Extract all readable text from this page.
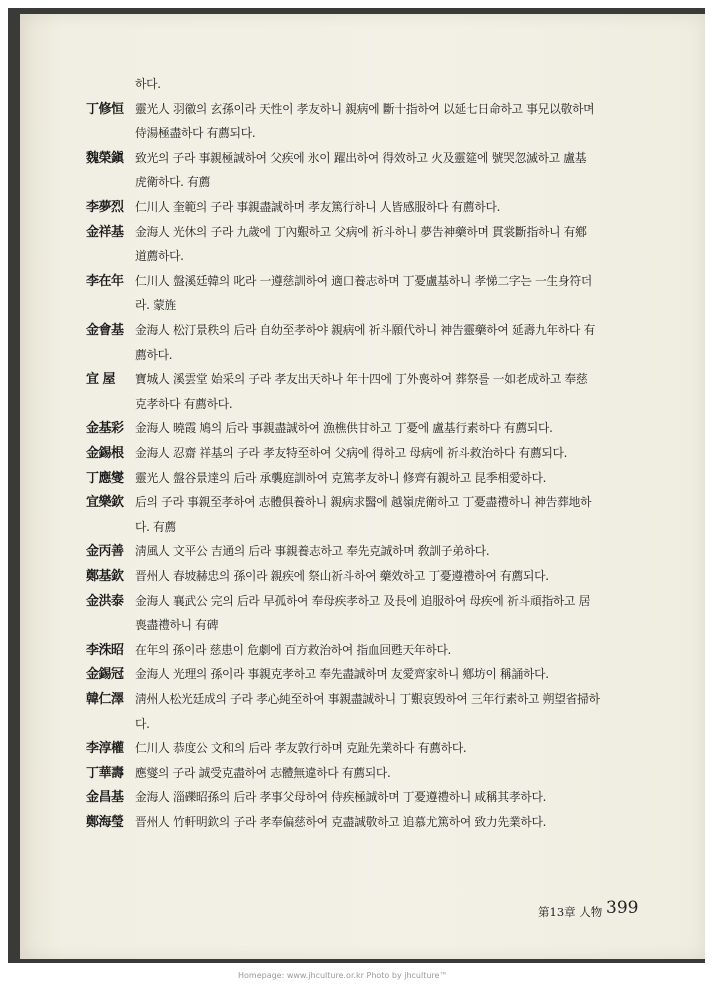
하다.
丁修恒 靈光人 羽徽의 玄孫이라 天性이 孝友하니 親病에 斷十指하여 以延七日命하고 事兄以敬하며
侍湯極盡하다 有薦되다.
魏榮鎭 致光의 子라 事親極誠하여 父疾에 氷이 躍出하여 得效하고 火及靈筵에 號哭忽滅하고 盧基
虎衛하다. 有薦
李夢烈 仁川人 奎範의 子라 事親盡誠하며 孝友篤行하니 人皆感服하다 有薦하다.
金祥基 金海人 光休의 子라 九歲에 丁內艱하고 父病에 祈斗하니 夢告神藥하며 貫裳斷指하니 有鄕
道薦하다.
李在年 仁川人 盤溪廷韓의 叱라 一遵慈訓하여 適口養志하며 丁憂盧基하니 孝悌二字는 一生身符더
라. 蒙旌
金會基 金海人 松汀景秩의 后라 自幼至孝하야 親病에 祈斗願代하니 神告靈藥하여 延壽九年하다 有
薦하다.
宜 屋	寶城人 溪雲堂 始采의 子라 孝友出天하나 年十四에 丁外喪하여 葬祭를 一如老成하고 奉慈
克孝하다 有薦하다.
金基彩 金海人 曉霞 鳩의 后라 事親盡誠하여 漁樵供甘하고 丁憂에 盧基行素하다 有薦되다.
金錫根 金海人 忍齋 祥基의 子라 孝友特至하여 父病에 得하고 母病에 祈斗救治하다 有薦되다.
丁應燮 靈光人 盤谷景達의 后라 承襲庭訓하여 克篤孝友하니 修齊有親하고 昆季相愛하다.
宜樂欽 后의 子라 事親至孝하여 志體俱養하니 親病求醫에 越嶺虎衛하고 丁憂盡禮하니 神告葬地하
다. 有薦
金丙善 淸風人 文平公 吉通의 后라 事親養志하고 奉先克誠하며 敎訓子弟하다.
鄭基欽 晋州人 春坡赫忠의 孫이라 親疾에 祭山祈斗하여 藥效하고 丁憂遵禮하여 有薦되다.
金洪泰 金海人 襄武公 完의 后라 早孤하여 奉母疾孝하고 及長에 追服하여 母疾에 祈斗頑指하고 居
喪盡禮하니 有碑
李洙昭 在年의 孫이라 慈患이 危劇에 百方救治하여 指血回甦天年하다.
金錫冠 金海人 光理의 孫이라 事親克孝하고 奉先盡誠하며 友愛齊家하니 鄕坊이 稱誦하다.
韓仁澤 淸州人松光廷成의 子라 孝心純至하여 事親盡誠하니 丁艱哀毁하여 三年行素하고 朔望省掃하
다.
李淳權 仁川人 恭度公 文和의 后라 孝友敦行하며 克趾先業하다 有薦하다.
丁華壽 應燮의 子라 誠受克盡하여 志體無違하다 有薦되다.
金昌基 金海人 淄礫昭孫의 后라 孝事父母하여 侍疾極誠하며 丁憂遵禮하니 咸稱其孝하다.
鄭海瑩 晋州人 竹軒明欽의 子라 孝奉偏慈하여 克盡誠敬하고 追慕尤篤하여 致力先業하다.
第13章 人物 399
Homepage: www.jhculture.or.kr Photo by jhculture™
